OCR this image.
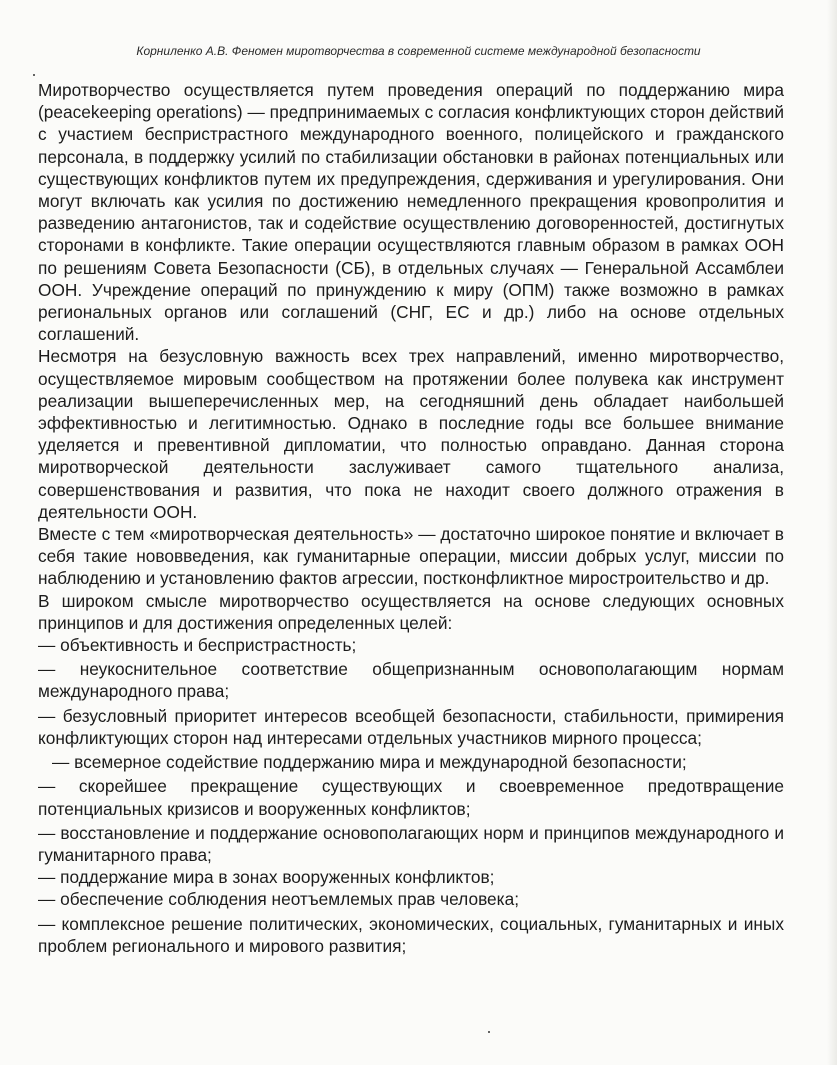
Корниленко А.В. Феномен миротворчества в современной системе международной безопасности

Миротворчество осуществляется путем проведения операций по поддержанию мира (peacekeeping operations) — предпринимаемых с согласия конфликтующих сторон действий с участием беспристрастного международного военного, полицейского и гражданского персонала, в поддержку усилий по стабилизации обстановки в районах потенциальных или существующих конфликтов путем их предупреждения, сдерживания и урегулирования. Они могут включать как усилия по достижению немедленного прекращения кровопролития и разведению антагонистов, так и содействие осуществлению договоренностей, достигнутых сторонами в конфликте. Такие операции осуществляются главным образом в рамках ООН по решениям Совета Безопасности (СБ), в отдельных случаях — Генеральной Ассамблеи ООН. Учреждение операций по принуждению к миру (ОПМ) также возможно в рамках региональных органов или соглашений (СНГ, ЕС и др.) либо на основе отдельных соглашений.

Несмотря на безусловную важность всех трех направлений, именно миротворчество, осуществляемое мировым сообществом на протяжении более полувека как инструмент реализации вышеперечисленных мер, на сегодняшний день обладает наибольшей эффективностью и легитимностью. Однако в последние годы все большее внимание уделяется и превентивной дипломатии, что полностью оправдано. Данная сторона миротворческой деятельности заслуживает самого тщательного анализа, совершенствования и развития, что пока не находит своего должного отражения в деятельности ООН.

Вместе с тем «миротворческая деятельность» — достаточно широкое понятие и включает в себя такие нововведения, как гуманитарные операции, миссии добрых услуг, миссии по наблюдению и установлению фактов агрессии, постконфликтное миростроительство и др.

В широком смысле миротворчество осуществляется на основе следующих основных принципов и для достижения определенных целей:

— объективность и беспристрастность;

— неукоснительное соответствие общепризнанным основополагающим нормам международного права;

— безусловный приоритет интересов всеобщей безопасности, стабильности, примирения конфликтующих сторон над интересами отдельных участников мирного процесса;

— всемерное содействие поддержанию мира и международной безопасности;

— скорейшее прекращение существующих и своевременное предотвращение потенциальных кризисов и вооруженных конфликтов;

— восстановление и поддержание основополагающих норм и принципов международного и гуманитарного права;

— поддержание мира в зонах вооруженных конфликтов;

— обеспечение соблюдения неотъемлемых прав человека;

— комплексное решение политических, экономических, социальных, гуманитарных и иных проблем регионального и мирового развития;
